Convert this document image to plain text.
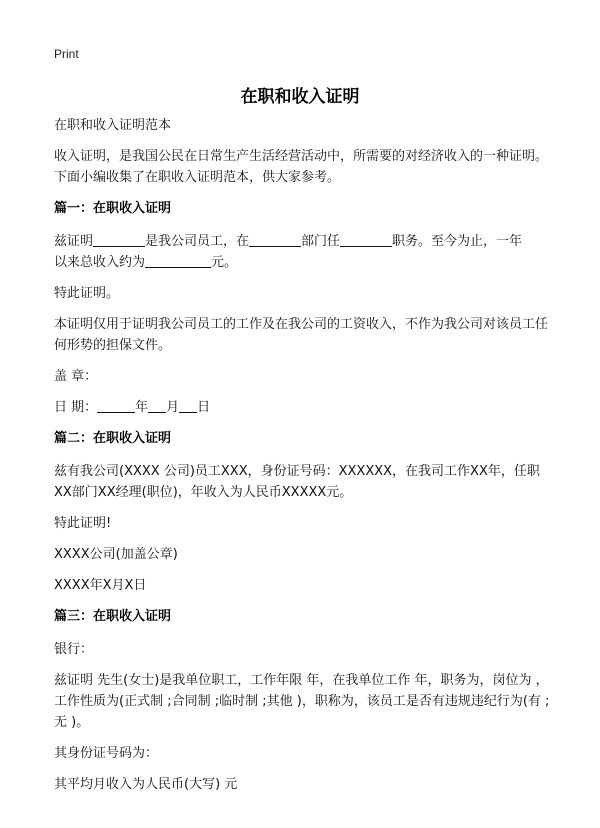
Print
在职和收入证明

在职和收入证明范本

收入证明，是我国公民在日常生产生活经营活动中，所需要的对经济收入的一种证明。下面小编收集了在职收入证明范本，供大家参考。

篇一：在职收入证明

兹证明	是我公司员工，在	部门任	职务。至今为止，一年
以来总收入约为	元。

特此证明。

本证明仅用于证明我公司员工的工作及在我公司的工资收入，不作为我公司对该员工任何形势的担保文件。

盖 章：

日 期：	年 月 日

篇二：在职收入证明

兹有我公司(XXXX 公司)员工XXX，身份证号码：XXXXXX，在我司工作XX年，任职XX部门XX经理(职位)，年收入为人民币XXXXX元。

特此证明!

XXXX公司(加盖公章)

XXXX年X月X日

篇三：在职收入证明

银行：

兹证明 先生(女士)是我单位职工，工作年限 年，在我单位工作 年，职务为，岗位为 ，工作性质为(正式制 ;合同制 ;临时制 ;其他 )，职称为，该员工是否有违规违纪行为(有 ;无 )。

其身份证号码为：

其平均月收入为人民币(大写) 元
